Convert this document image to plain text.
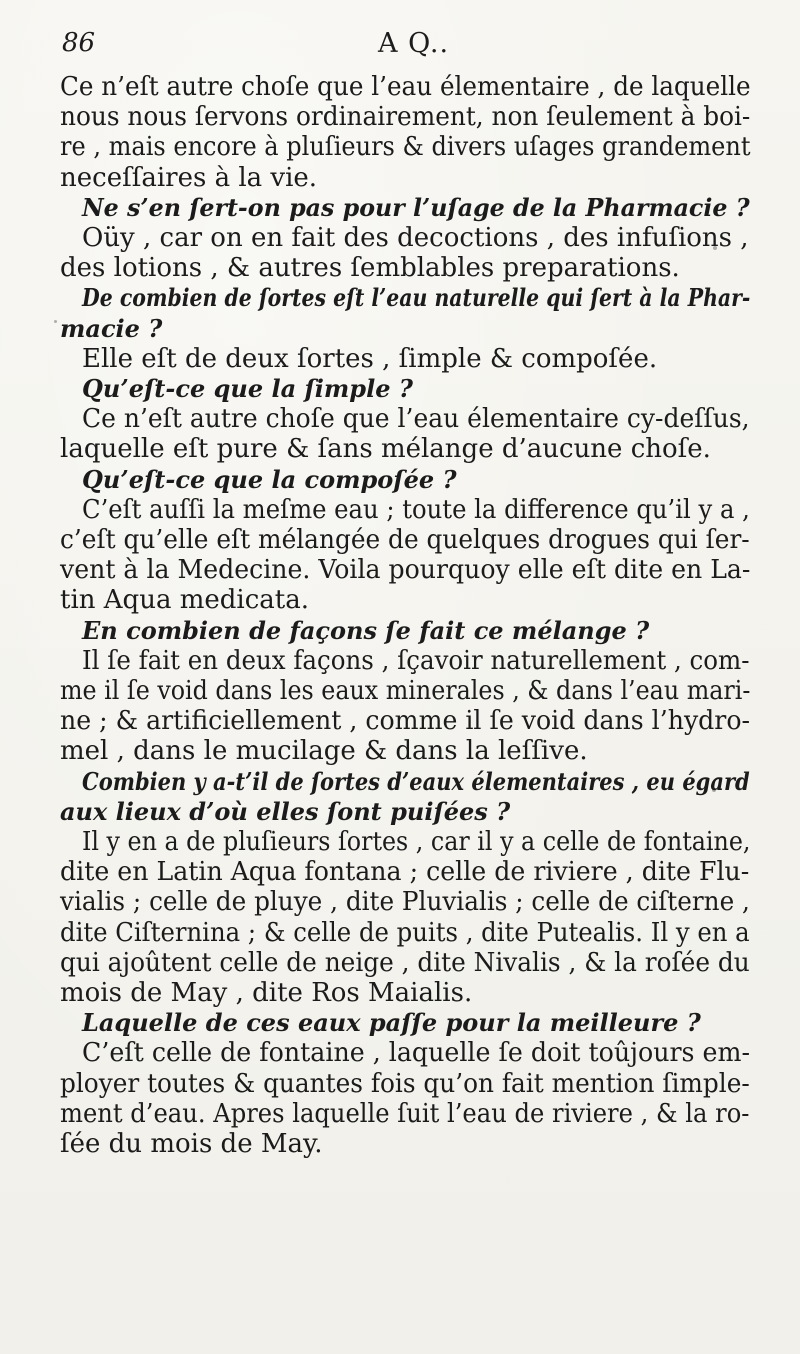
86	A Q..
Ce n’eſt autre choſe que l’eau élementaire , de laquelle
nous nous ſervons ordinairement, non ſeulement à boi-
re , mais encore à pluſieurs & divers uſages grandement
neceſſaires à la vie.
Ne s’en ſert-on pas pour l’uſage de la Pharmacie ?
Oüy , car on en fait des decoctions , des infuſions ,
des lotions , & autres ſemblables preparations.
De combien de ſortes eſt l’eau naturelle qui ſert à la Phar-
macie ?
Elle eſt de deux ſortes , ſimple & compoſée.
Qu’eſt-ce que la ſimple ?
Ce n’eſt autre choſe que l’eau élementaire cy-deſſus,
laquelle eſt pure & ſans mélange d’aucune choſe.
Qu’eſt-ce que la compoſée ?
C’eſt auſſi la meſme eau ; toute la difference qu’il y a ,
c’eſt qu’elle eſt mélangée de quelques drogues qui ſer-
vent à la Medecine. Voila pourquoy elle eſt dite en La-
tin Aqua medicata.
En combien de façons ſe fait ce mélange ?
Il ſe fait en deux façons , ſçavoir naturellement , com-
me il ſe void dans les eaux minerales , & dans l’eau mari-
ne ; & artificiellement , comme il ſe void dans l’hydro-
mel , dans le mucilage & dans la leſſive.
Combien y a-t’il de ſortes d’eaux élementaires , eu égard
aux lieux d’où elles ſont puiſées ?
Il y en a de pluſieurs ſortes , car il y a celle de fontaine,
dite en Latin Aqua fontana ; celle de riviere , dite Flu-
vialis ; celle de pluye , dite Pluvialis ; celle de ciſterne ,
dite Ciſternina ; & celle de puits , dite Putealis. Il y en a
qui ajoûtent celle de neige , dite Nivalis , & la roſée du
mois de May , dite Ros Maialis.
Laquelle de ces eaux paſſe pour la meilleure ?
C’eſt celle de fontaine , laquelle ſe doit toûjours em-
ployer toutes & quantes fois qu’on fait mention ſimple-
ment d’eau. Apres laquelle ſuit l’eau de riviere , & la ro-
ſée du mois de May.
